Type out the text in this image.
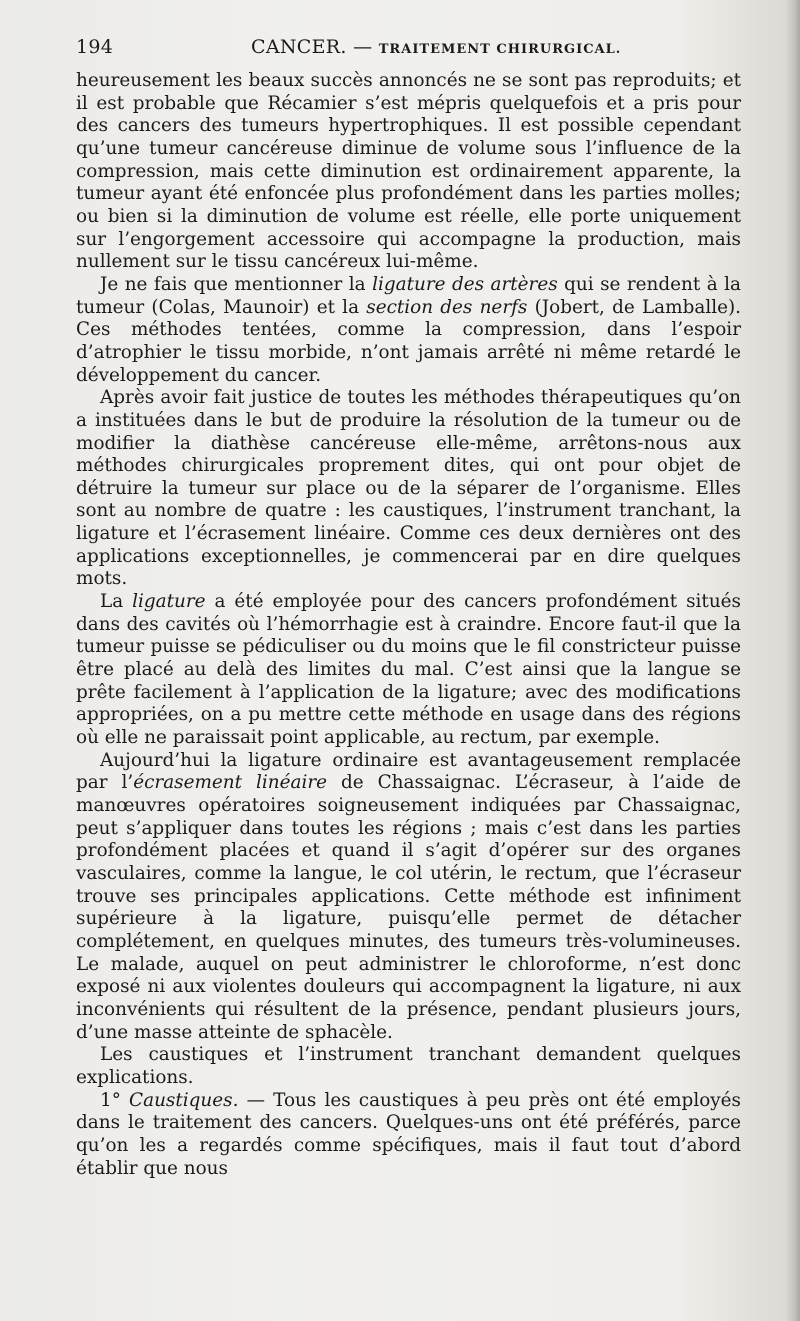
194	CANCER. — TRAITEMENT CHIRURGICAL.

heureusement les beaux succès annoncés ne se sont pas reproduits; et il est probable que Récamier s’est mépris quelquefois et a pris pour des cancers des tumeurs hypertrophiques. Il est possible cependant qu’une tumeur cancéreuse diminue de volume sous l’influence de la compression, mais cette diminution est ordinairement apparente, la tumeur ayant été enfoncée plus profondément dans les parties molles; ou bien si la diminution de volume est réelle, elle porte uniquement sur l’engorgement accessoire qui accompagne la production, mais nullement sur le tissu cancéreux lui-même.

Je ne fais que mentionner la ligature des artères qui se rendent à la tumeur (Colas, Maunoir) et la section des nerfs (Jobert, de Lamballe). Ces méthodes tentées, comme la compression, dans l’espoir d’atrophier le tissu morbide, n’ont jamais arrêté ni même retardé le développement du cancer.

Après avoir fait justice de toutes les méthodes thérapeutiques qu’on a instituées dans le but de produire la résolution de la tumeur ou de modifier la diathèse cancéreuse elle-même, arrêtons-nous aux méthodes chirurgicales proprement dites, qui ont pour objet de détruire la tumeur sur place ou de la séparer de l’organisme. Elles sont au nombre de quatre : les caustiques, l’instrument tranchant, la ligature et l’écrasement linéaire. Comme ces deux dernières ont des applications exceptionnelles, je commencerai par en dire quelques mots.

La ligature a été employée pour des cancers profondément situés dans des cavités où l’hémorrhagie est à craindre. Encore faut-il que la tumeur puisse se pédiculiser ou du moins que le fil constricteur puisse être placé au delà des limites du mal. C’est ainsi que la langue se prête facilement à l’application de la ligature; avec des modifications appropriées, on a pu mettre cette méthode en usage dans des régions où elle ne paraissait point applicable, au rectum, par exemple.

Aujourd’hui la ligature ordinaire est avantageusement remplacée par l’écrasement linéaire de Chassaignac. L’écraseur, à l’aide de manœuvres opératoires soigneusement indiquées par Chassaignac, peut s’appliquer dans toutes les régions ; mais c’est dans les parties profondément placées et quand il s’agit d’opérer sur des organes vasculaires, comme la langue, le col utérin, le rectum, que l’écraseur trouve ses principales applications. Cette méthode est infiniment supérieure à la ligature, puisqu’elle permet de détacher complétement, en quelques minutes, des tumeurs très-volumineuses. Le malade, auquel on peut administrer le chloroforme, n’est donc exposé ni aux violentes douleurs qui accompagnent la ligature, ni aux inconvénients qui résultent de la présence, pendant plusieurs jours, d’une masse atteinte de sphacèle.

Les caustiques et l’instrument tranchant demandent quelques explications.

1° Caustiques. — Tous les caustiques à peu près ont été employés dans le traitement des cancers. Quelques-uns ont été préférés, parce qu’on les a regardés comme spécifiques, mais il faut tout d’abord établir que nous
